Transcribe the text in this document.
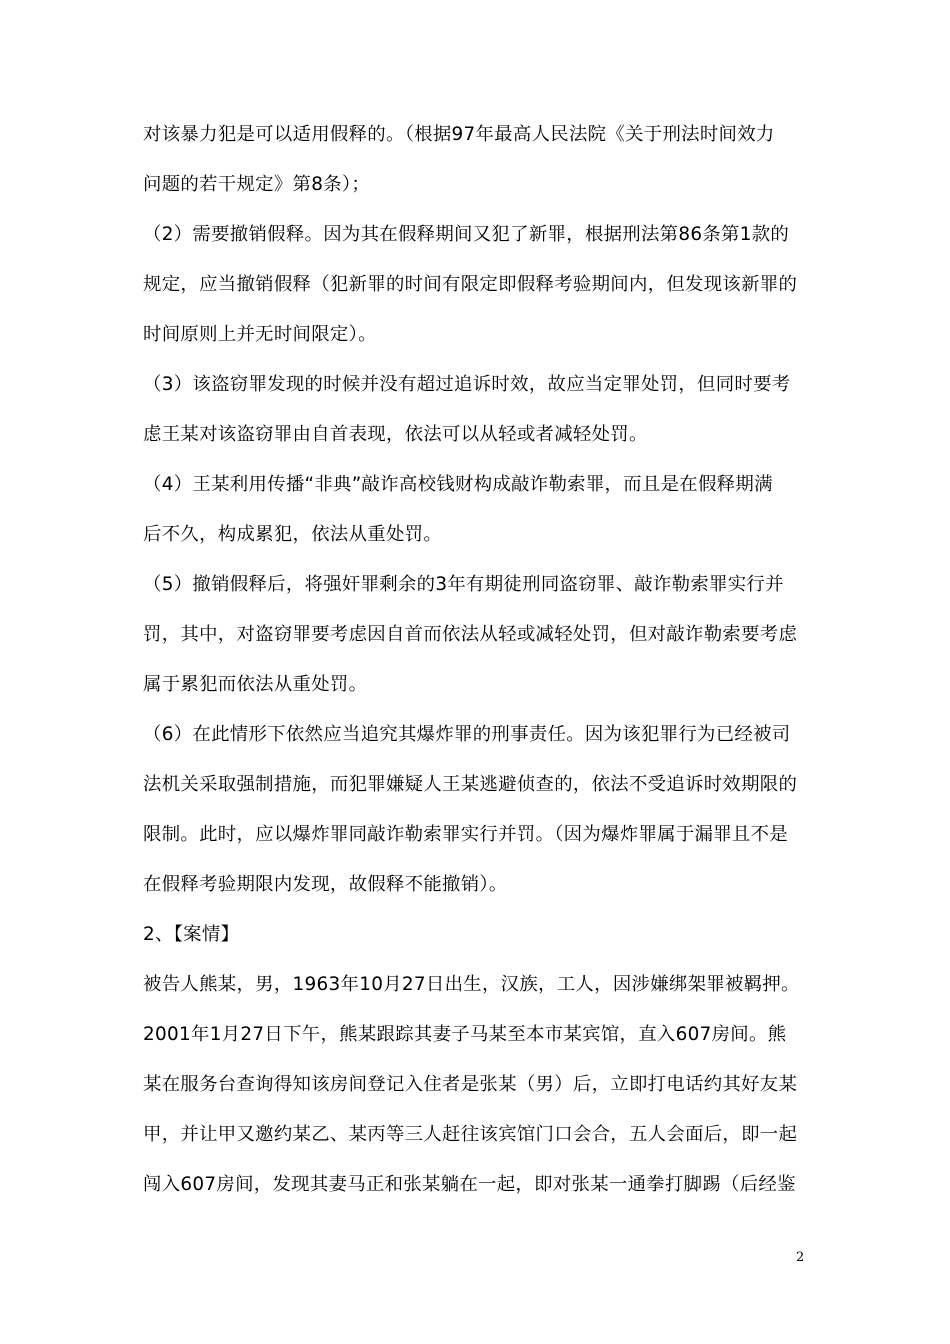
对该暴力犯是可以适用假释的。（根据97年最高人民法院《关于刑法时间效力
问题的若干规定》第8条）；
（2）需要撤销假释。因为其在假释期间又犯了新罪，根据刑法第86条第1款的
规定，应当撤销假释（犯新罪的时间有限定即假释考验期间内，但发现该新罪的
时间原则上并无时间限定）。
（3）该盗窃罪发现的时候并没有超过追诉时效，故应当定罪处罚，但同时要考
虑王某对该盗窃罪由自首表现，依法可以从轻或者减轻处罚。
（4）王某利用传播“非典”敲诈高校钱财构成敲诈勒索罪，而且是在假释期满
后不久，构成累犯，依法从重处罚。
（5）撤销假释后，将强奸罪剩余的3年有期徒刑同盗窃罪、敲诈勒索罪实行并
罚，其中，对盗窃罪要考虑因自首而依法从轻或减轻处罚，但对敲诈勒索要考虑
属于累犯而依法从重处罚。
（6）在此情形下依然应当追究其爆炸罪的刑事责任。因为该犯罪行为已经被司
法机关采取强制措施，而犯罪嫌疑人王某逃避侦查的，依法不受追诉时效期限的
限制。此时，应以爆炸罪同敲诈勒索罪实行并罚。（因为爆炸罪属于漏罪且不是
在假释考验期限内发现，故假释不能撤销）。
2、【案情】
被告人熊某，男，1963年10月27日出生，汉族，工人，因涉嫌绑架罪被羁押。
2001年1月27日下午，熊某跟踪其妻子马某至本市某宾馆，直入607房间。熊
某在服务台查询得知该房间登记入住者是张某（男）后，立即打电话约其好友某
甲，并让甲又邀约某乙、某丙等三人赶往该宾馆门口会合，五人会面后，即一起
闯入607房间，发现其妻马正和张某躺在一起，即对张某一通拳打脚踢（后经鉴
2
